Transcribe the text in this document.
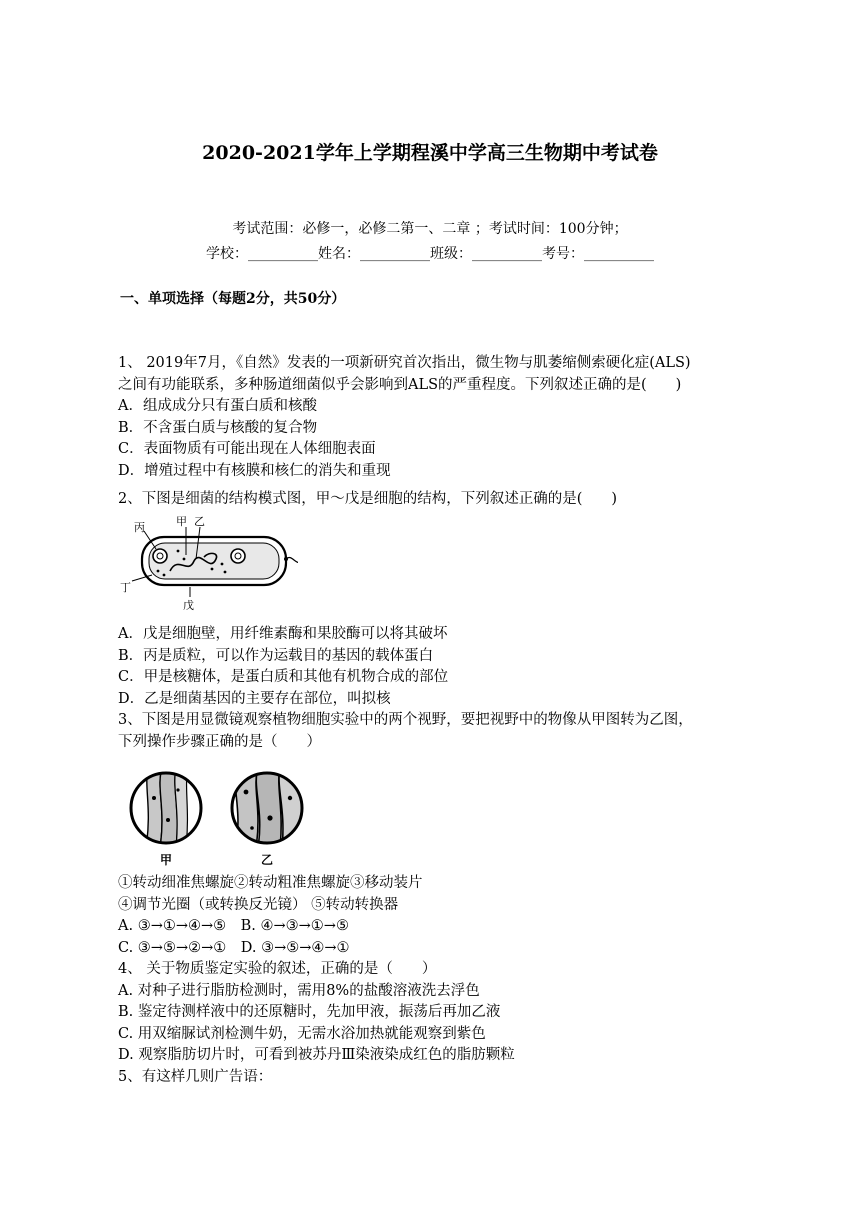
2020-2021学年上学期程溪中学高三生物期中考试卷
考试范围：必修一，必修二第一、二章 ；考试时间：100分钟；
学校：__________姓名：__________班级：__________考号：__________
一、单项选择（每题2分，共50分）
1、 2019年7月，《自然》发表的一项新研究首次指出，微生物与肌萎缩侧索硬化症(ALS)
之间有功能联系，多种肠道细菌似乎会影响到ALS的严重程度。下列叙述正确的是(　　)
A．组成成分只有蛋白质和核酸
B．不含蛋白质与核酸的复合物
C．表面物质有可能出现在人体细胞表面
D．增殖过程中有核膜和核仁的消失和重现
2、下图是细菌的结构模式图，甲～戊是细胞的结构，下列叙述正确的是(　　)
丙	甲 乙
丁
戊
A．戊是细胞壁，用纤维素酶和果胶酶可以将其破坏
B．丙是质粒，可以作为运载目的基因的载体蛋白
C．甲是核糖体，是蛋白质和其他有机物合成的部位
D．乙是细菌基因的主要存在部位，叫拟核
3、下图是用显微镜观察植物细胞实验中的两个视野，要把视野中的物像从甲图转为乙图，
下列操作步骤正确的是（　　）
甲	乙
①转动细准焦螺旋②转动粗准焦螺旋③移动装片
④调节光圈（或转换反光镜） ⑤转动转换器
A. ③→①→④→⑤　B. ④→③→①→⑤
C. ③→⑤→②→①　D. ③→⑤→④→①
4、 关于物质鉴定实验的叙述，正确的是（　　）
A. 对种子进行脂肪检测时，需用8%的盐酸溶液洗去浮色
B. 鉴定待测样液中的还原糖时，先加甲液，振荡后再加乙液
C. 用双缩脲试剂检测牛奶，无需水浴加热就能观察到紫色
D. 观察脂肪切片时，可看到被苏丹Ⅲ染液染成红色的脂肪颗粒
5、有这样几则广告语：
